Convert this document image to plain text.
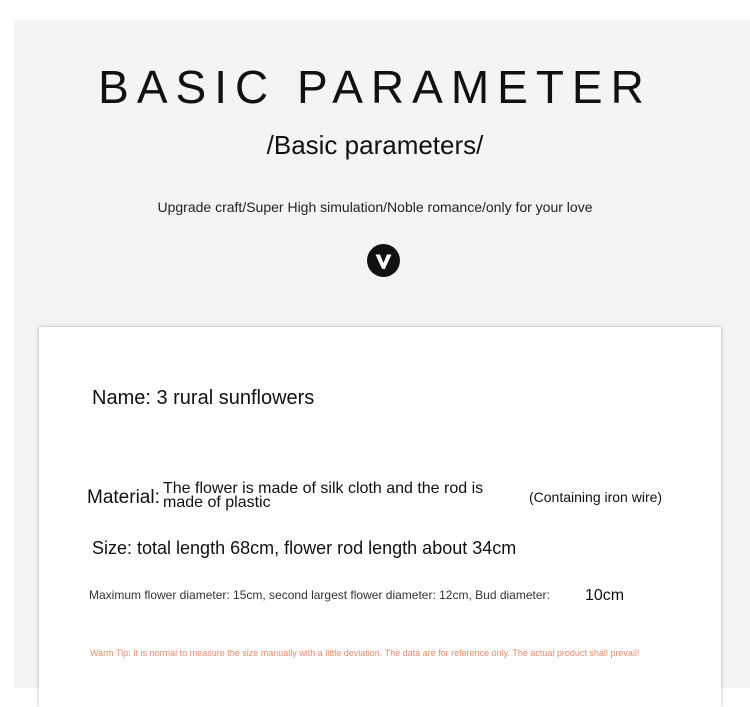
BASIC PARAMETER
/Basic parameters/
Upgrade craft/Super High simulation/Noble romance/only for your love
Name: 3 rural sunflowers
Material: The flower is made of silk cloth and the rod is made of plastic	(Containing iron wire)
Size: total length 68cm, flower rod length about 34cm
Maximum flower diameter: 15cm, second largest flower diameter: 12cm, Bud diameter: 10cm
Warm Tip: It is normal to measure the size manually with a little deviation. The data are for reference only. The actual product shall prevail!
